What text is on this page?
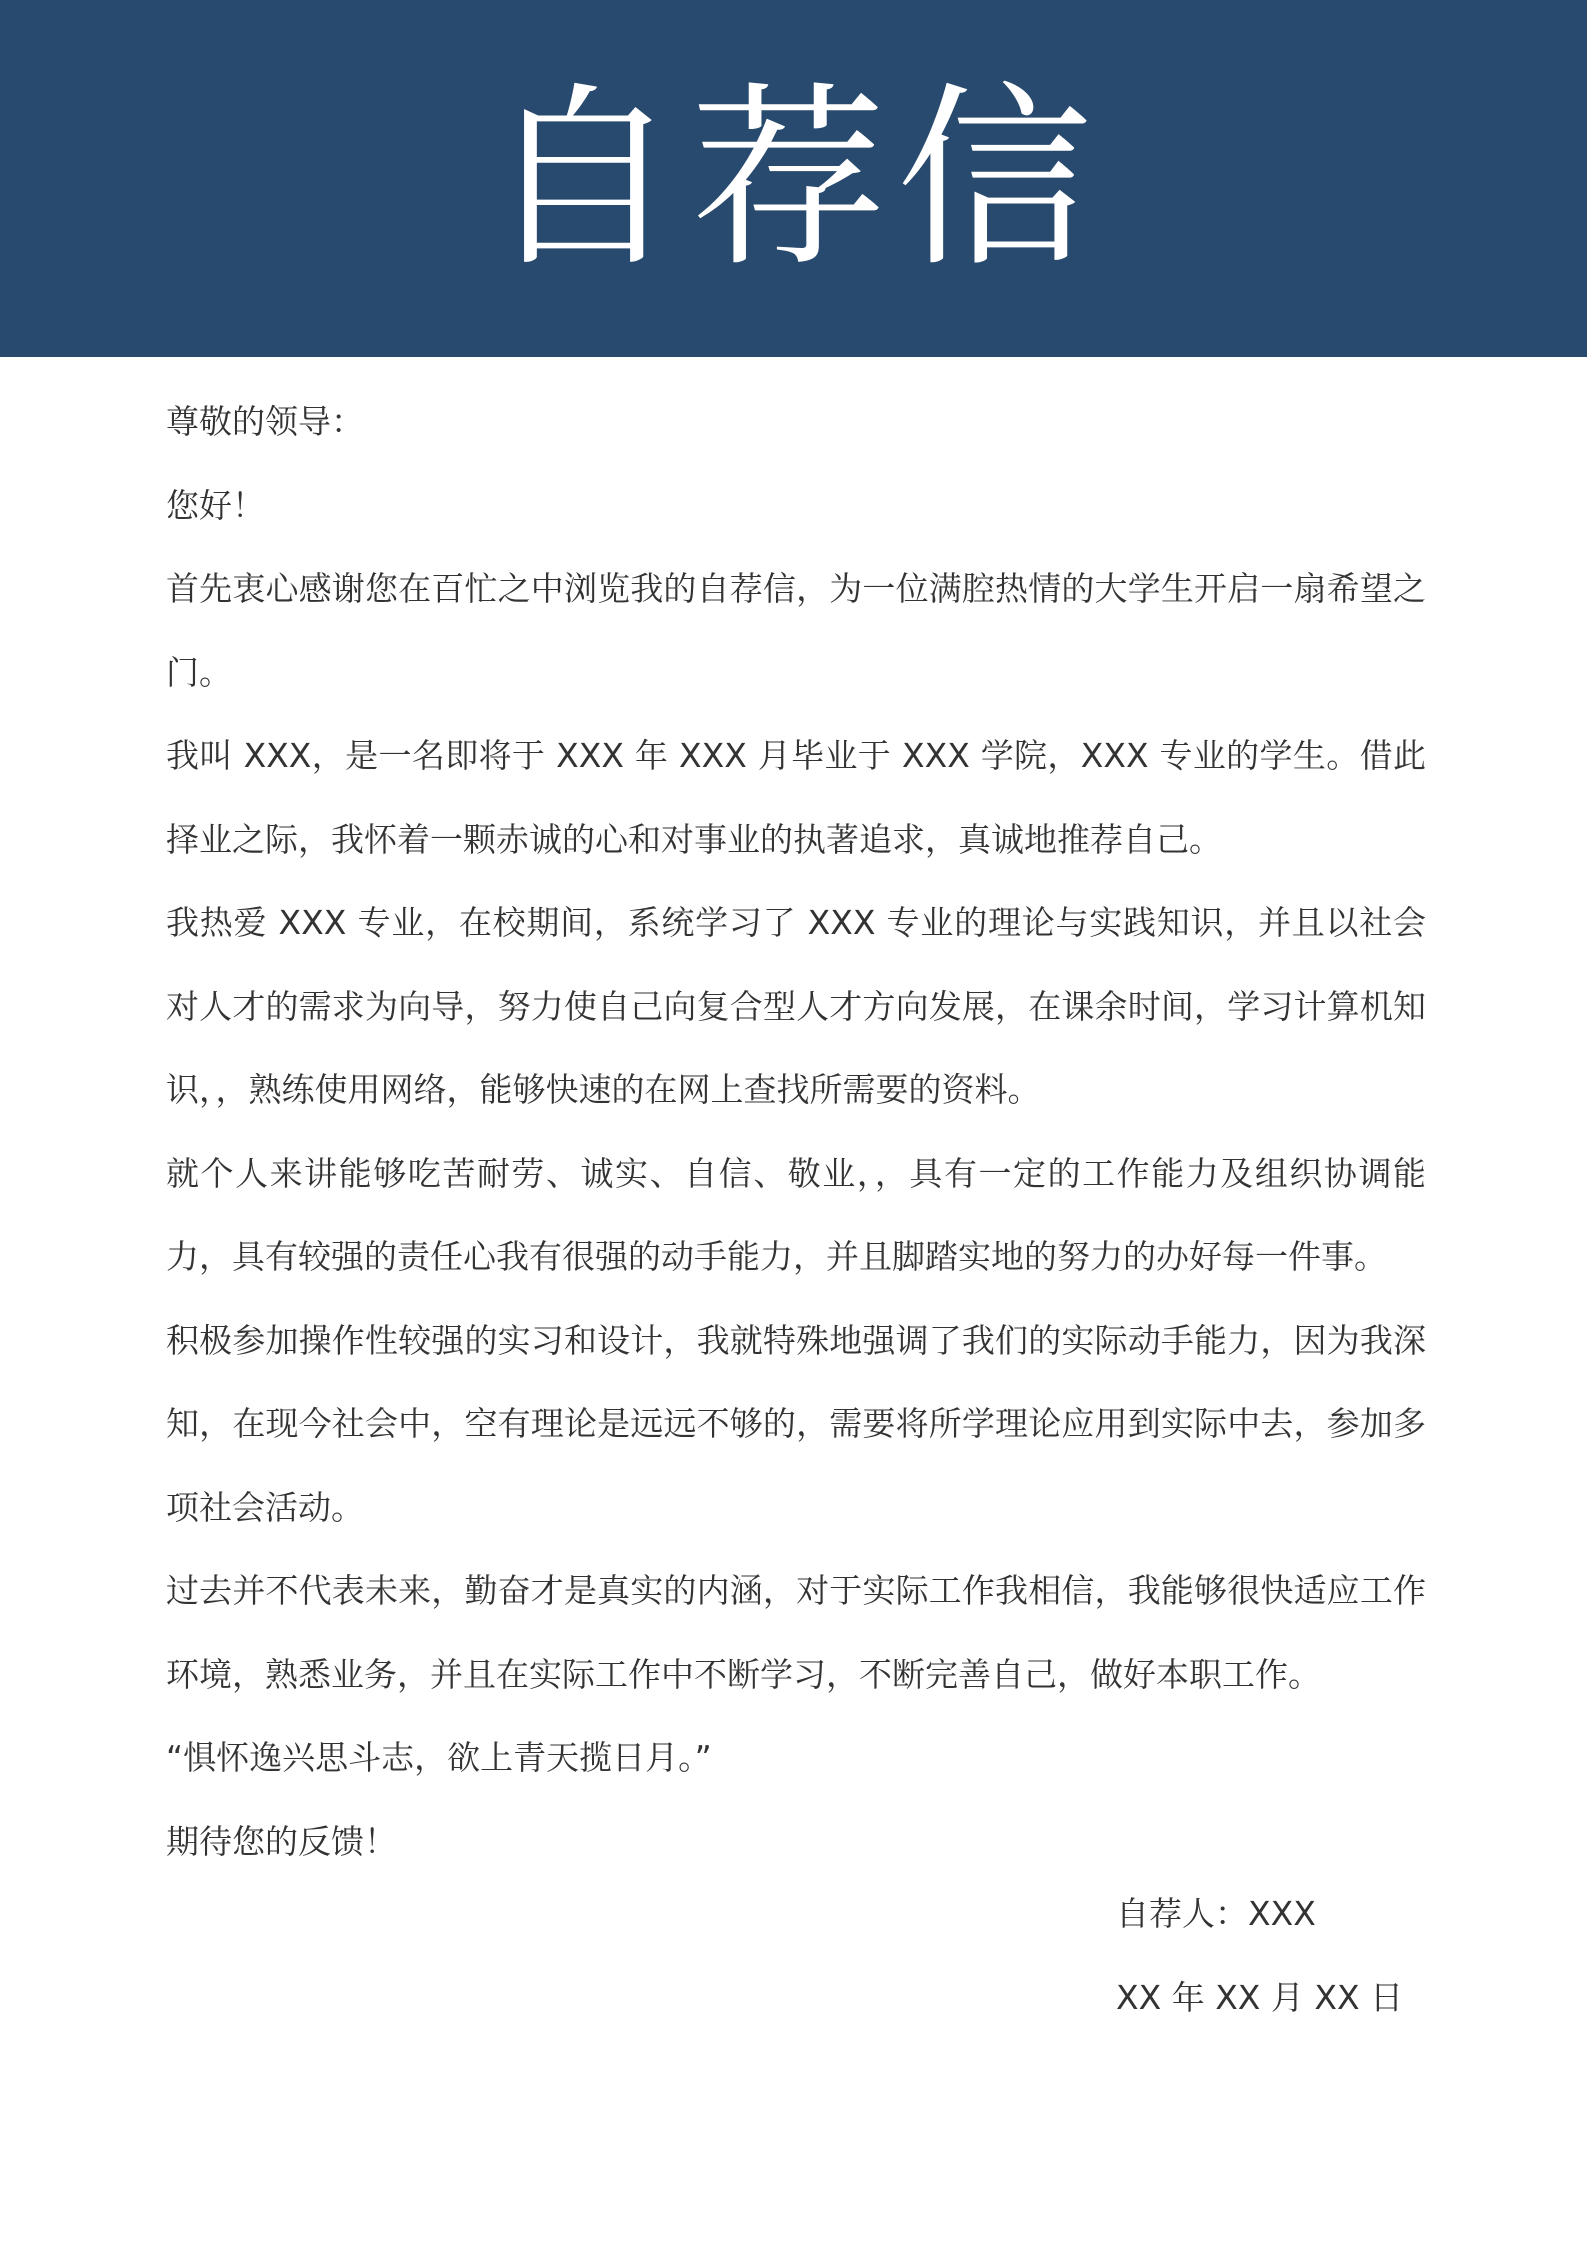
自荐信

尊敬的领导：

您好！

首先衷心感谢您在百忙之中浏览我的自荐信，为一位满腔热情的大学生开启一扇希望之门。

我叫 XXX，是一名即将于 XXX 年 XXX 月毕业于 XXX 学院，XXX 专业的学生。借此择业之际，我怀着一颗赤诚的心和对事业的执著追求，真诚地推荐自己。

我热爱 XXX 专业，在校期间，系统学习了 XXX 专业的理论与实践知识，并且以社会对人才的需求为向导，努力使自己向复合型人才方向发展，在课余时间，学习计算机知识，，熟练使用网络，能够快速的在网上查找所需要的资料。

就个人来讲能够吃苦耐劳、诚实、自信、敬业，，具有一定的工作能力及组织协调能力，具有较强的责任心我有很强的动手能力，并且脚踏实地的努力的办好每一件事。

积极参加操作性较强的实习和设计，我就特殊地强调了我们的实际动手能力，因为我深知，在现今社会中，空有理论是远远不够的，需要将所学理论应用到实际中去，参加多项社会活动。

过去并不代表未来，勤奋才是真实的内涵，对于实际工作我相信，我能够很快适应工作环境，熟悉业务，并且在实际工作中不断学习，不断完善自己，做好本职工作。

“惧怀逸兴思斗志，欲上青天揽日月。”

期待您的反馈！

自荐人：XXX
XX 年 XX 月 XX 日
